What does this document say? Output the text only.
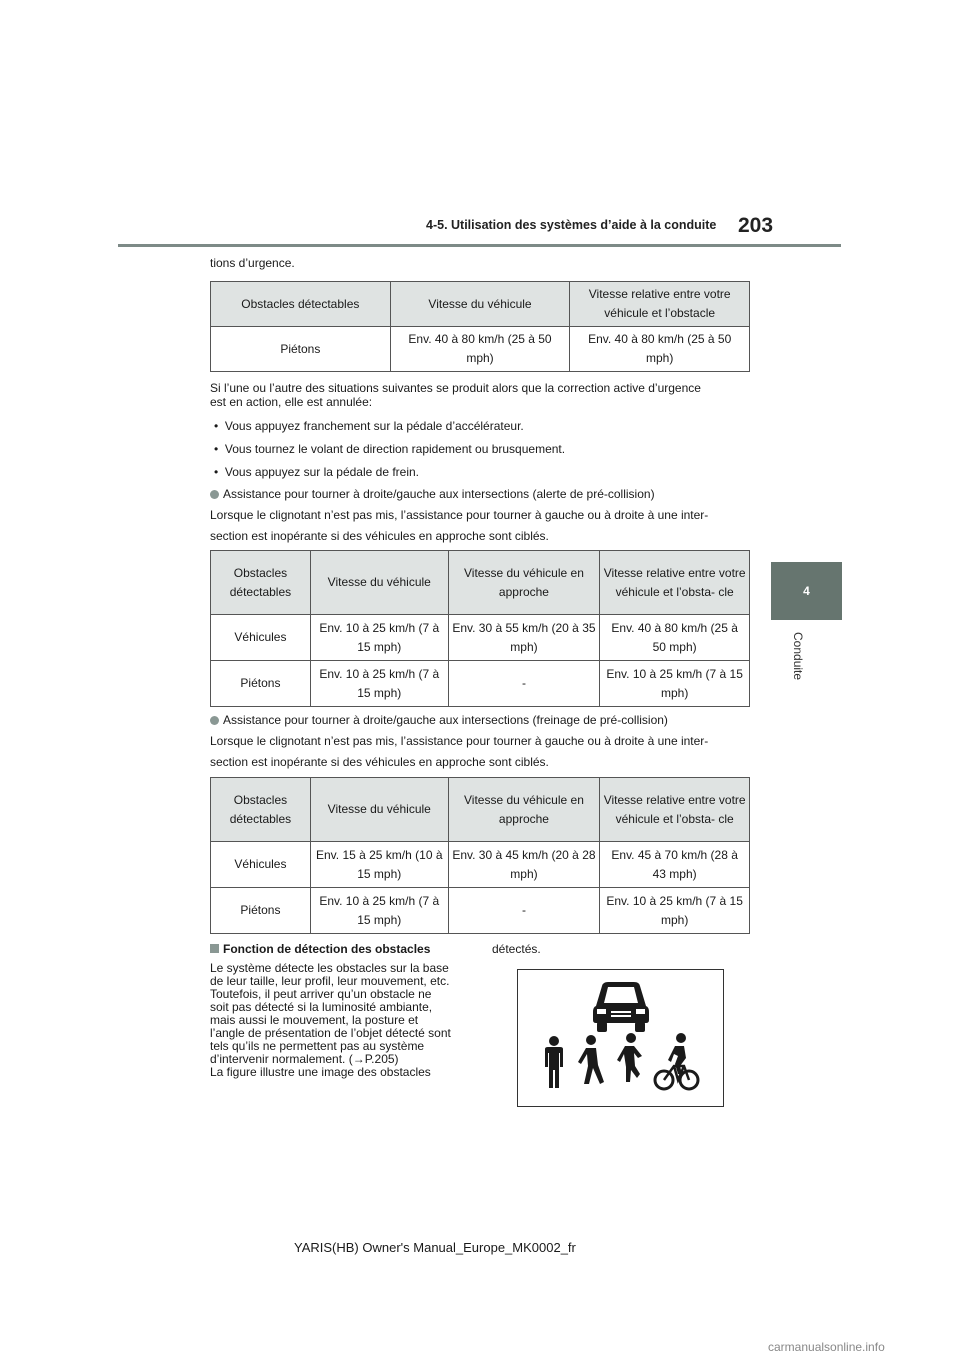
4-5. Utilisation des systèmes d’aide à la conduite 203
4
Conduite
tions d’urgence.
Obstacles détectables	Vitesse du véhicule	Vitesse relative entre votre véhicule et l’obstacle
Piétons	Env. 40 à 80 km/h (25 à 50 mph)	Env. 40 à 80 km/h (25 à 50 mph)
Si l’une ou l’autre des situations suivantes se produit alors que la correction active d’urgence
est en action, elle est annulée:
•  Vous appuyez franchement sur la pédale d’accélérateur.
•  Vous tournez le volant de direction rapidement ou brusquement.
•  Vous appuyez sur la pédale de frein.
Assistance pour tourner à droite/gauche aux intersections (alerte de pré-collision)
Lorsque le clignotant n’est pas mis, l’assistance pour tourner à gauche ou à droite à une inter-
section est inopérante si des véhicules en approche sont ciblés.
Obstacles détectables	Vitesse du véhicule	Vitesse du véhicule en approche	Vitesse relative entre votre véhicule et l’obsta- cle
Véhicules	Env. 10 à 25 km/h (7 à 15 mph)	Env. 30 à 55 km/h (20 à 35 mph)	Env. 40 à 80 km/h (25 à 50 mph)
Piétons	Env. 10 à 25 km/h (7 à 15 mph)	-	Env. 10 à 25 km/h (7 à 15 mph)
Assistance pour tourner à droite/gauche aux intersections (freinage de pré-collision)
Lorsque le clignotant n’est pas mis, l’assistance pour tourner à gauche ou à droite à une inter-
section est inopérante si des véhicules en approche sont ciblés.
Obstacles détectables	Vitesse du véhicule	Vitesse du véhicule en approche	Vitesse relative entre votre véhicule et l’obsta- cle
Véhicules	Env. 15 à 25 km/h (10 à 15 mph)	Env. 30 à 45 km/h (20 à 28 mph)	Env. 45 à 70 km/h (28 à 43 mph)
Piétons	Env. 10 à 25 km/h (7 à 15 mph)	-	Env. 10 à 25 km/h (7 à 15 mph)
Fonction de détection des obstacles	détectés.
Le système détecte les obstacles sur la base
de leur taille, leur profil, leur mouvement, etc.
Toutefois, il peut arriver qu’un obstacle ne
soit pas détecté si la luminosité ambiante,
mais aussi le mouvement, la posture et
l’angle de présentation de l’objet détecté sont
tels qu’ils ne permettent pas au système
d’intervenir normalement. (→P.205)
La figure illustre une image des obstacles
YARIS(HB) Owner's Manual_Europe_MK0002_fr
carmanualsonline.info
